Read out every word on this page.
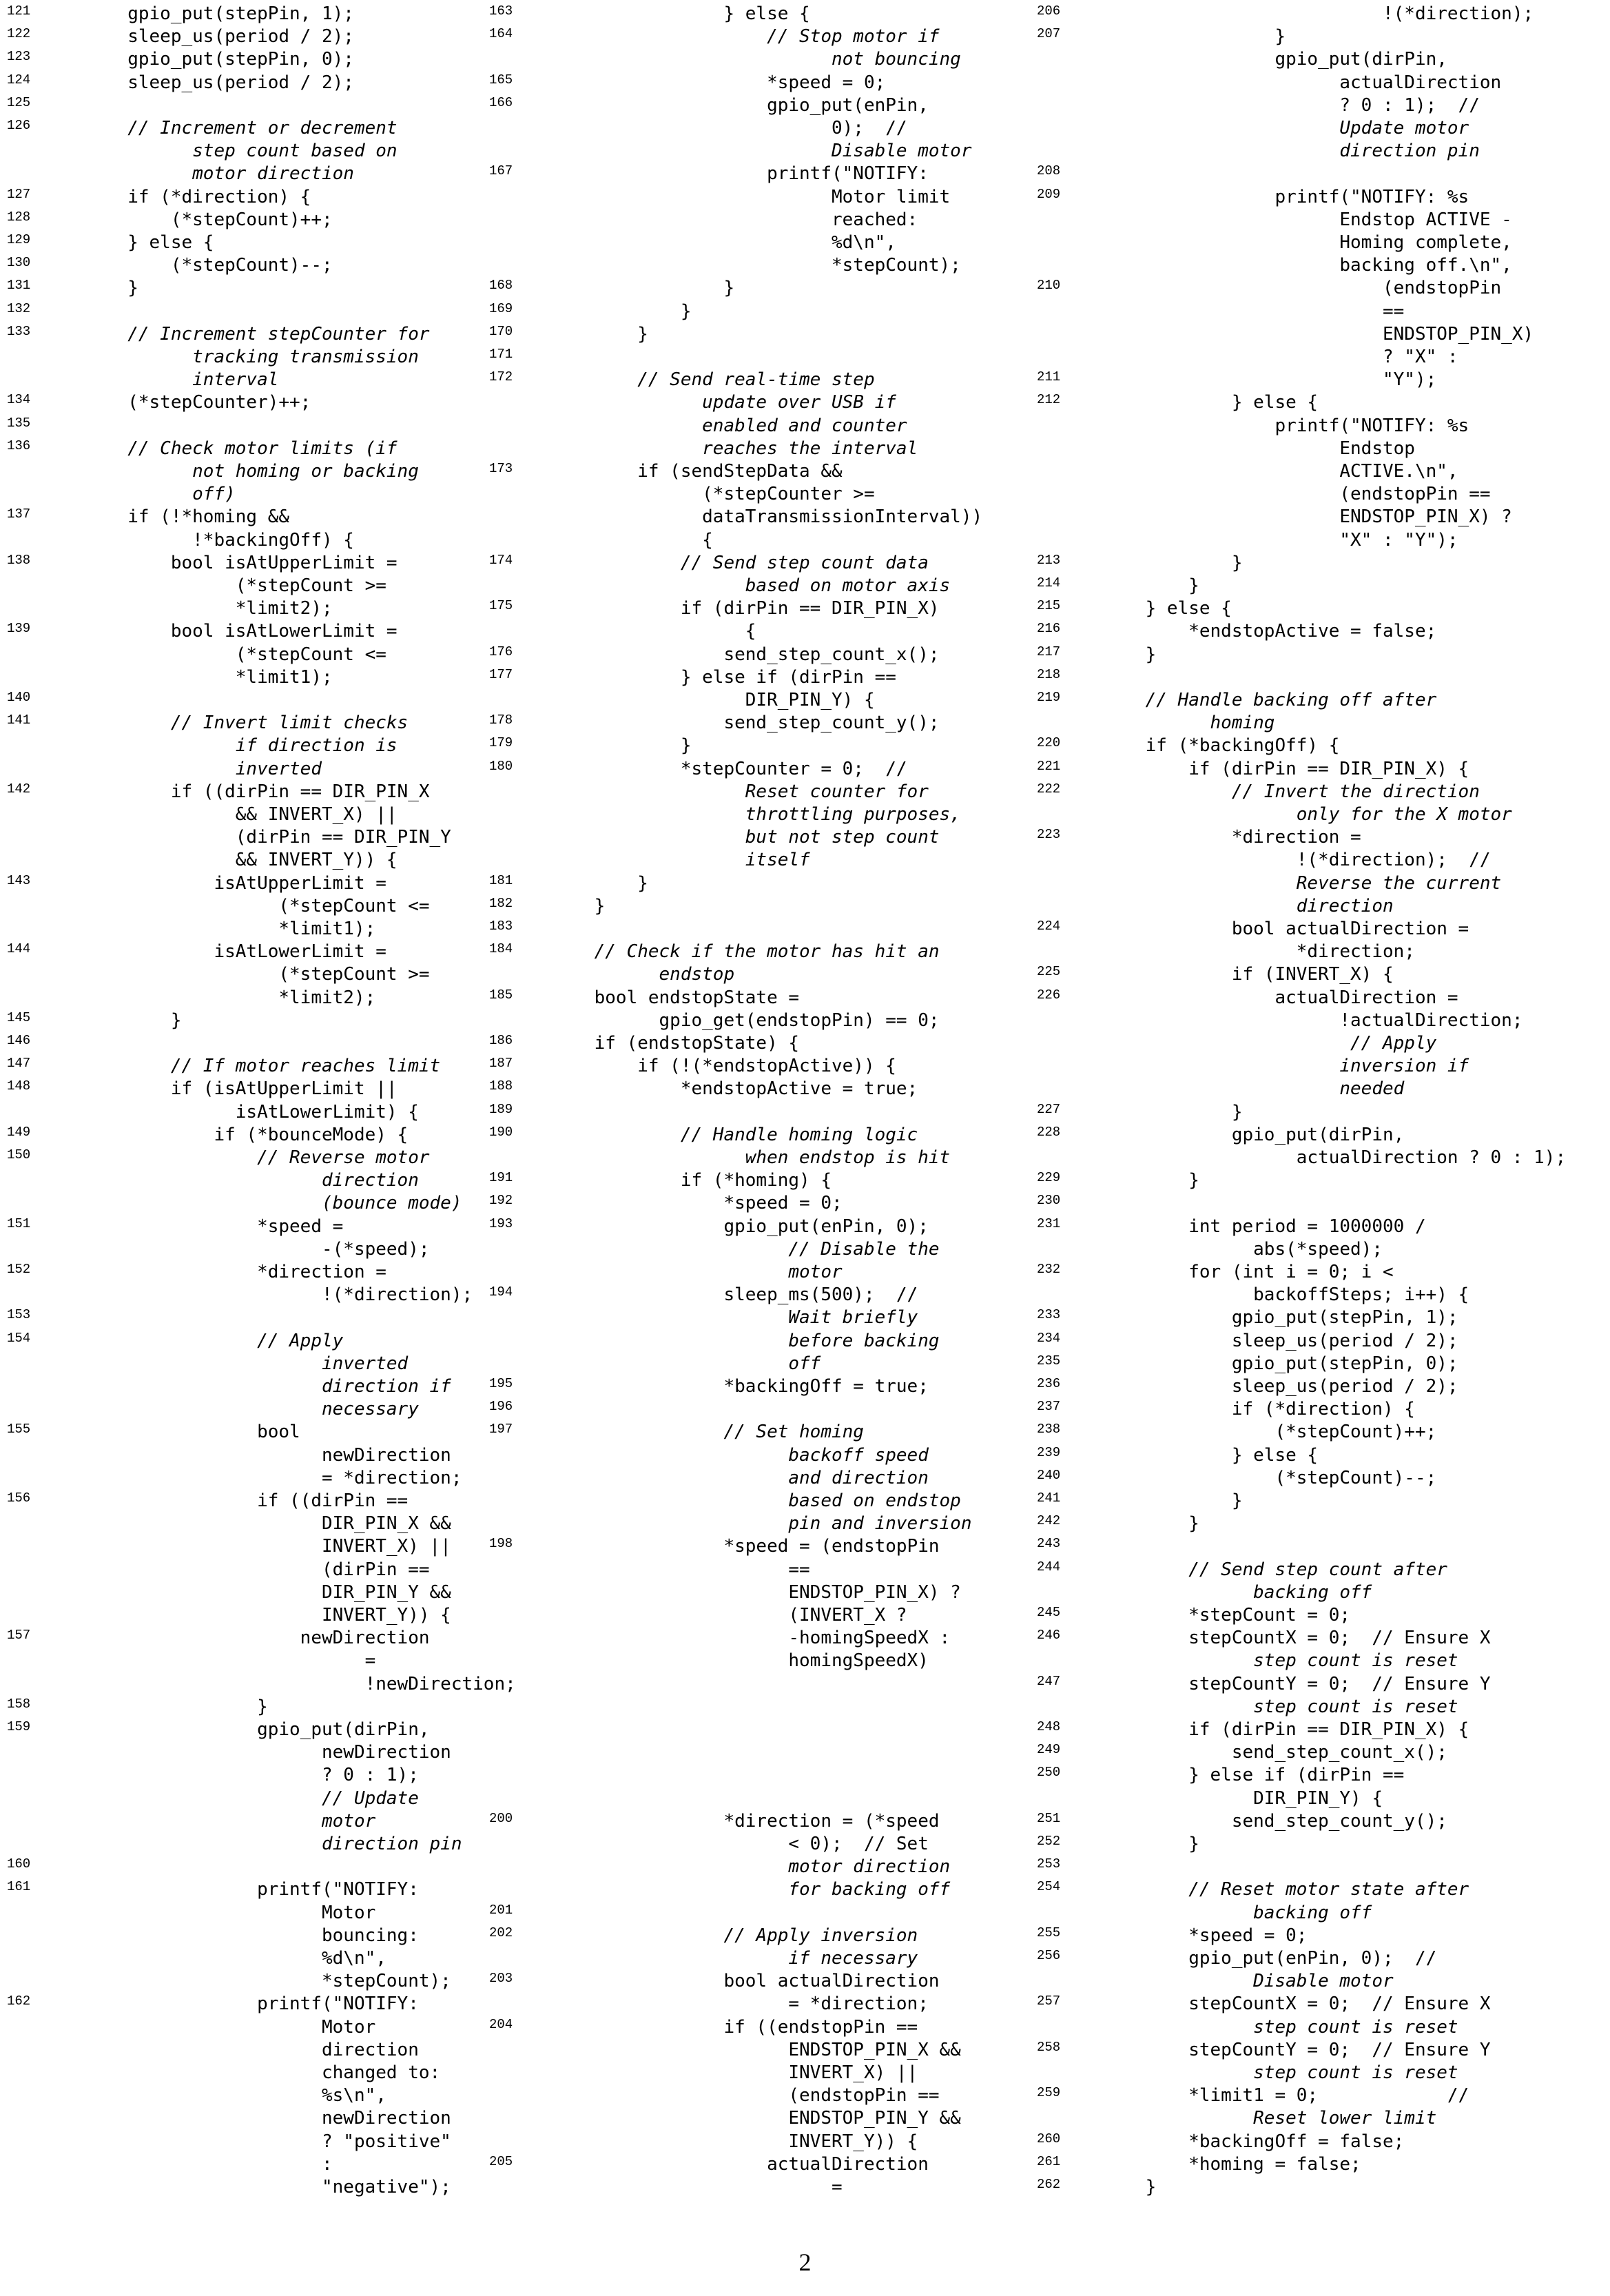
121 gpio_put(stepPin, 1);
122 sleep_us(period / 2);
123 gpio_put(stepPin, 0);
124 sleep_us(period / 2);
125
126 // Increment or decrement
step count based on
motor direction
127 if (*direction) {
128 (*stepCount)++;
129 } else {
130 (*stepCount)--;
131 }
132
133 // Increment stepCounter for
tracking transmission
interval
134 (*stepCounter)++;
135
136 // Check motor limits (if
not homing or backing
off)
137 if (!*homing &&
!*backingOff) {
138 bool isAtUpperLimit =
(*stepCount >=
*limit2);
139 bool isAtLowerLimit =
(*stepCount <=
*limit1);
140
141 // Invert limit checks
if direction is
inverted
142 if ((dirPin == DIR_PIN_X
&& INVERT_X) ||
(dirPin == DIR_PIN_Y
&& INVERT_Y)) {
143 isAtUpperLimit =
(*stepCount <=
*limit1);
144 isAtLowerLimit =
(*stepCount >=
*limit2);
145 }
146
147 // If motor reaches limit
148 if (isAtUpperLimit ||
isAtLowerLimit) {
149 if (*bounceMode) {
150 // Reverse motor
direction
(bounce mode)
151 *speed =
-(*speed);
152 *direction =
!(*direction);
153
154 // Apply
inverted
direction if
necessary
155 bool
newDirection
= *direction;
156 if ((dirPin ==
DIR_PIN_X &&
INVERT_X) ||
(dirPin ==
DIR_PIN_Y &&
INVERT_Y)) {
157 newDirection
=
!newDirection;
158 }
159 gpio_put(dirPin,
newDirection
? 0 : 1);
// Update
motor
direction pin
160
161 printf("NOTIFY:
Motor
bouncing:
%d\n",
*stepCount);
162 printf("NOTIFY:
Motor
direction
changed to:
%s\n",
newDirection
? "positive"
:
"negative");
163 } else {
164 // Stop motor if
not bouncing
165 *speed = 0;
166 gpio_put(enPin,
0);  //
Disable motor
167 printf("NOTIFY:
Motor limit
reached:
%d\n",
*stepCount);
168 }
169 }
170 }
171
172 // Send real-time step
update over USB if
enabled and counter
reaches the interval
173 if (sendStepData &&
(*stepCounter >=
dataTransmissionInterval))
{
174 // Send step count data
based on motor axis
175 if (dirPin == DIR_PIN_X)
{
176 send_step_count_x();
177 } else if (dirPin ==
DIR_PIN_Y) {
178 send_step_count_y();
179 }
180 *stepCounter = 0;  //
Reset counter for
throttling purposes,
but not step count
itself
181 }
182 }
183
184 // Check if the motor has hit an
endstop
185 bool endstopState =
gpio_get(endstopPin) == 0;
186 if (endstopState) {
187 if (!(*endstopActive)) {
188 *endstopActive = true;
189
190 // Handle homing logic
when endstop is hit
191 if (*homing) {
192 *speed = 0;
193 gpio_put(enPin, 0);
// Disable the
motor
194 sleep_ms(500);  //
Wait briefly
before backing
off
195 *backingOff = true;
196
197 // Set homing
backoff speed
and direction
based on endstop
pin and inversion
198 *speed = (endstopPin
==
ENDSTOP_PIN_X) ?
(INVERT_X ?
-homingSpeedX :
homingSpeedX)
200 *direction = (*speed
< 0);  // Set
motor direction
for backing off
201
202 // Apply inversion
if necessary
203 bool actualDirection
= *direction;
204 if ((endstopPin ==
ENDSTOP_PIN_X &&
INVERT_X) ||
(endstopPin ==
ENDSTOP_PIN_Y &&
INVERT_Y)) {
205 actualDirection
=
206 !(*direction);
207 }
gpio_put(dirPin,
actualDirection
? 0 : 1);  //
Update motor
direction pin
208
209 printf("NOTIFY: %s
Endstop ACTIVE -
Homing complete,
backing off.\n",
210 (endstopPin
==
ENDSTOP_PIN_X)
? "X" :
211 "Y");
212 } else {
printf("NOTIFY: %s
Endstop
ACTIVE.\n",
(endstopPin ==
ENDSTOP_PIN_X) ?
"X" : "Y");
213 }
214 }
215 } else {
216 *endstopActive = false;
217 }
218
219 // Handle backing off after
homing
220 if (*backingOff) {
221 if (dirPin == DIR_PIN_X) {
222 // Invert the direction
only for the X motor
223 *direction =
!(*direction);  //
Reverse the current
direction
224 bool actualDirection =
*direction;
225 if (INVERT_X) {
226 actualDirection =
!actualDirection;
// Apply
inversion if
needed
227 }
228 gpio_put(dirPin,
actualDirection ? 0 : 1);
229 }
230
231 int period = 1000000 /
abs(*speed);
232 for (int i = 0; i <
backoffSteps; i++) {
233 gpio_put(stepPin, 1);
234 sleep_us(period / 2);
235 gpio_put(stepPin, 0);
236 sleep_us(period / 2);
237 if (*direction) {
238 (*stepCount)++;
239 } else {
240 (*stepCount)--;
241 }
242 }
243
244 // Send step count after
backing off
245 *stepCount = 0;
246 stepCountX = 0;  // Ensure X
step count is reset
247 stepCountY = 0;  // Ensure Y
step count is reset
248 if (dirPin == DIR_PIN_X) {
249 send_step_count_x();
250 } else if (dirPin ==
DIR_PIN_Y) {
251 send_step_count_y();
252 }
253
254 // Reset motor state after
backing off
255 *speed = 0;
256 gpio_put(enPin, 0);  //
Disable motor
257 stepCountX = 0;  // Ensure X
step count is reset
258 stepCountY = 0;  // Ensure Y
step count is reset
259 *limit1 = 0;            //
Reset lower limit
260 *backingOff = false;
261 *homing = false;
262 }
2
